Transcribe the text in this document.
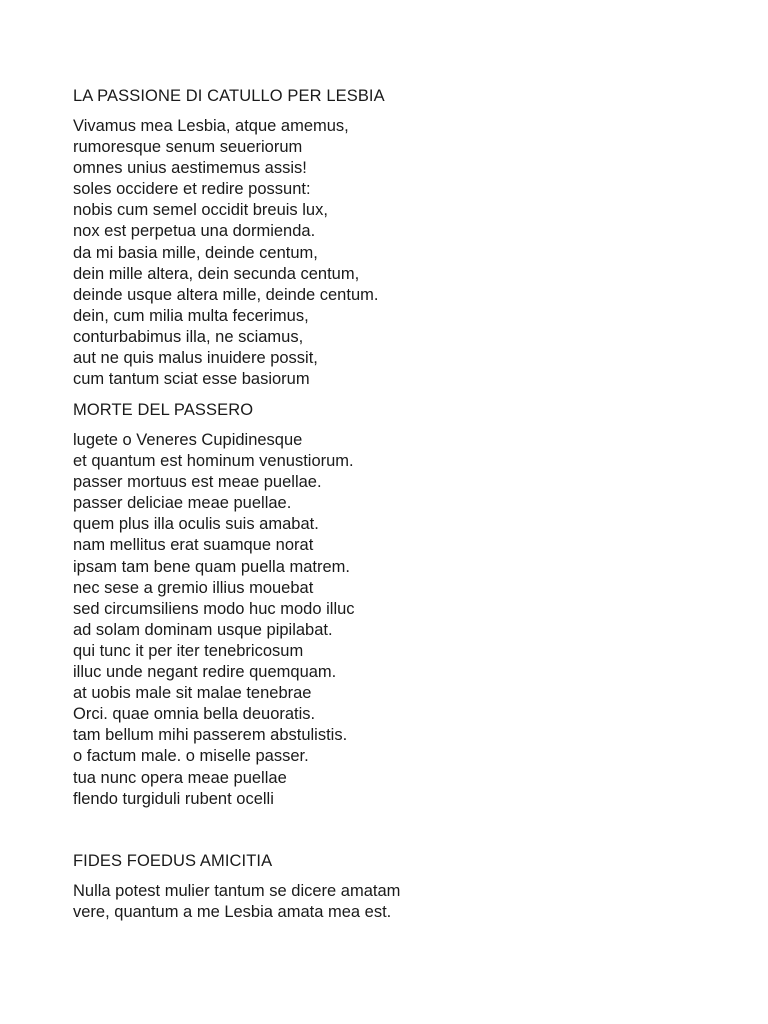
LA PASSIONE DI CATULLO PER LESBIA
Vivamus mea Lesbia, atque amemus,
rumoresque senum seueriorum
omnes unius aestimemus assis!
soles occidere et redire possunt:
nobis cum semel occidit breuis lux,
nox est perpetua una dormienda.
da mi basia mille, deinde centum,
dein mille altera, dein secunda centum,
deinde usque altera mille, deinde centum.
dein, cum milia multa fecerimus,
conturbabimus illa, ne sciamus,
aut ne quis malus inuidere possit,
cum tantum sciat esse basiorum
MORTE DEL PASSERO
lugete o Veneres Cupidinesque
et quantum est hominum venustiorum.
passer mortuus est meae puellae.
passer deliciae meae puellae.
quem plus illa oculis suis amabat.
nam mellitus erat suamque norat
ipsam tam bene quam puella matrem.
nec sese a gremio illius mouebat
sed circumsiliens modo huc modo illuc
ad solam dominam usque pipilabat.
qui tunc it per iter tenebricosum
illuc unde negant redire quemquam.
at uobis male sit malae tenebrae
Orci. quae omnia bella deuoratis.
tam bellum mihi passerem abstulistis.
o factum male. o miselle passer.
tua nunc opera meae puellae
flendo turgiduli rubent ocelli
FIDES FOEDUS AMICITIA
Nulla potest mulier tantum se dicere amatam
vere, quantum a me Lesbia amata mea est.
